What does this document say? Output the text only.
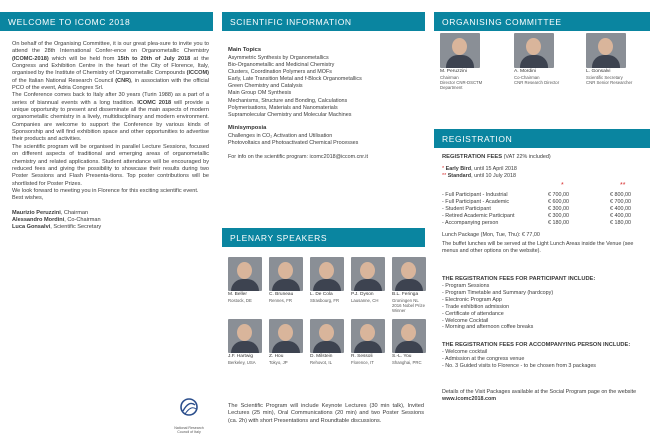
WELCOME TO ICOMC 2018

On behalf of the Organising Committee, it is our great plea-sure to invite you to attend the 28th International Confer-ence on Organometallic Chemistry (ICOMC-2018) which will be held from 15th to 20th of July 2018 at the Congress and Exhibition Centre in the heart of the City of Florence, Italy, organised by the Institute of Chemistry of Organometallic Compounds (ICCOM) of the Italian National Research Council (CNR), in association with the official PCO of the event, Adria Congrex Srl.

The Conference comes back to Italy after 30 years (Turin 1988) as a part of a series of biannual events with a long tradition. ICOMC 2018 will provide a unique opportunity to present and disseminate all the main aspects of modern organometallic chemistry in a lively, multidisciplinary and modern environment. Companies are welcome to support the Conference by various kinds of Sponsorship and will find exhibition space and other opportunities to advertise their products and activities.

The scientific program will be organised in parallel Lecture Sessions, focused on different aspects of traditional and emerging areas of organometallic chemistry and related applications. Student attendance will be encouraged by reduced fees and giving the possibility to showcase their results during two Poster Sessions and Flash Presenta-tions. Top poster contributions will be shortlisted for Poster Prizes.

We look forward to meeting you in Florence for this exciting scientific event.

Best wishes,

Maurizio Peruzzini, Chairman
Alessandro Mordini, Co-Chairman
Luca Gonsalvi, Scientific Secretary
National Research
Council of Italy
SCIENTIFIC INFORMATION
Main Topics

Asymmetric Synthesis by Organometallics

Bio-Organometallic and Medicinal Chemistry

Clusters, Coordination Polymers and MOFs

Early, Late Transition Metal and f-Block Organometallics

Green Chemistry and Catalysis

Main Group OM Synthesis

Mechanisms, Structure and Bonding, Calculations

Polymerisations, Materials and Nanomaterials

Supramolecular Chemistry and Molecular Machines

Minisymposia

Challenges in CO₂ Activation and Utilisation

Photovoltaics and Photoactivated Chemical Processes

For info on the scientific program: icomc2018@iccom.cnr.it

PLENARY SPEAKERS
M. Beller
Rostock, DE
C. Bruneau
Rennes, FR
L. De Cola
Strasbourg, FR
P.J. Dyson
Lausanne, CH
B.L. Feringa
Groningen NL
2016 Nobel Prize Winner
J.F. Hartwig
Berkeley, USA
Z. Hou
Tokyo, JP
D. Milstein
Rehovot, IL
R. Sessoli
Florence, IT
S.-L. You
Shanghai, PRC

The Scientific Program will include Keynote Lectures (30 min talk), Invited Lectures (25 min), Oral Communications (20 min) and two Poster Sessions (ca. 2h) with short Presentations and Roundtable discussions.

ORGANISING COMMITTEE
M. Peruzzini
Chairman
Director CNR-DSCTM Department
A. Mordini
Co-Chairman
CNR Research Director
L. Gonsalvi
Scientific Secretary
CNR Senior Researcher
REGISTRATION
REGISTRATION FEES (VAT 22% included)
* Early Bird, until 15 April 2018
** Standard, until 10 July 2018
*	**
- Full Participant - Industrial	€ 700,00	€ 800,00
- Full Participant - Academic	€ 600,00	€ 700,00
- Student Participant	€ 300,00	€ 400,00
- Retired Academic Participant	€ 300,00	€ 400,00
- Accompanying person	€ 180,00	€ 180,00

Lunch Package (Mon, Tue, Thu): € 77,00

The buffet lunches will be served at the Light Lunch Areas inside the Venue (see menus and other options on the website).

THE REGISTRATION FEES FOR PARTICIPANT INCLUDE:

- Program Sessions

- Program Timetable and Summary (hardcopy)

- Electronic Program App

- Trade exhibition admission

- Certificate of attendance

- Welcome Cocktail

- Morning and afternoon coffee breaks

THE REGISTRATION FEES FOR ACCOMPANYING PERSON INCLUDE:

- Welcome cocktail

- Admission at the congress venue

- No. 3 Guided visits to Florence - to be chosen from 3 packages

Details of the Visit Packages available at the Social Program page on the website www.icomc2018.com
